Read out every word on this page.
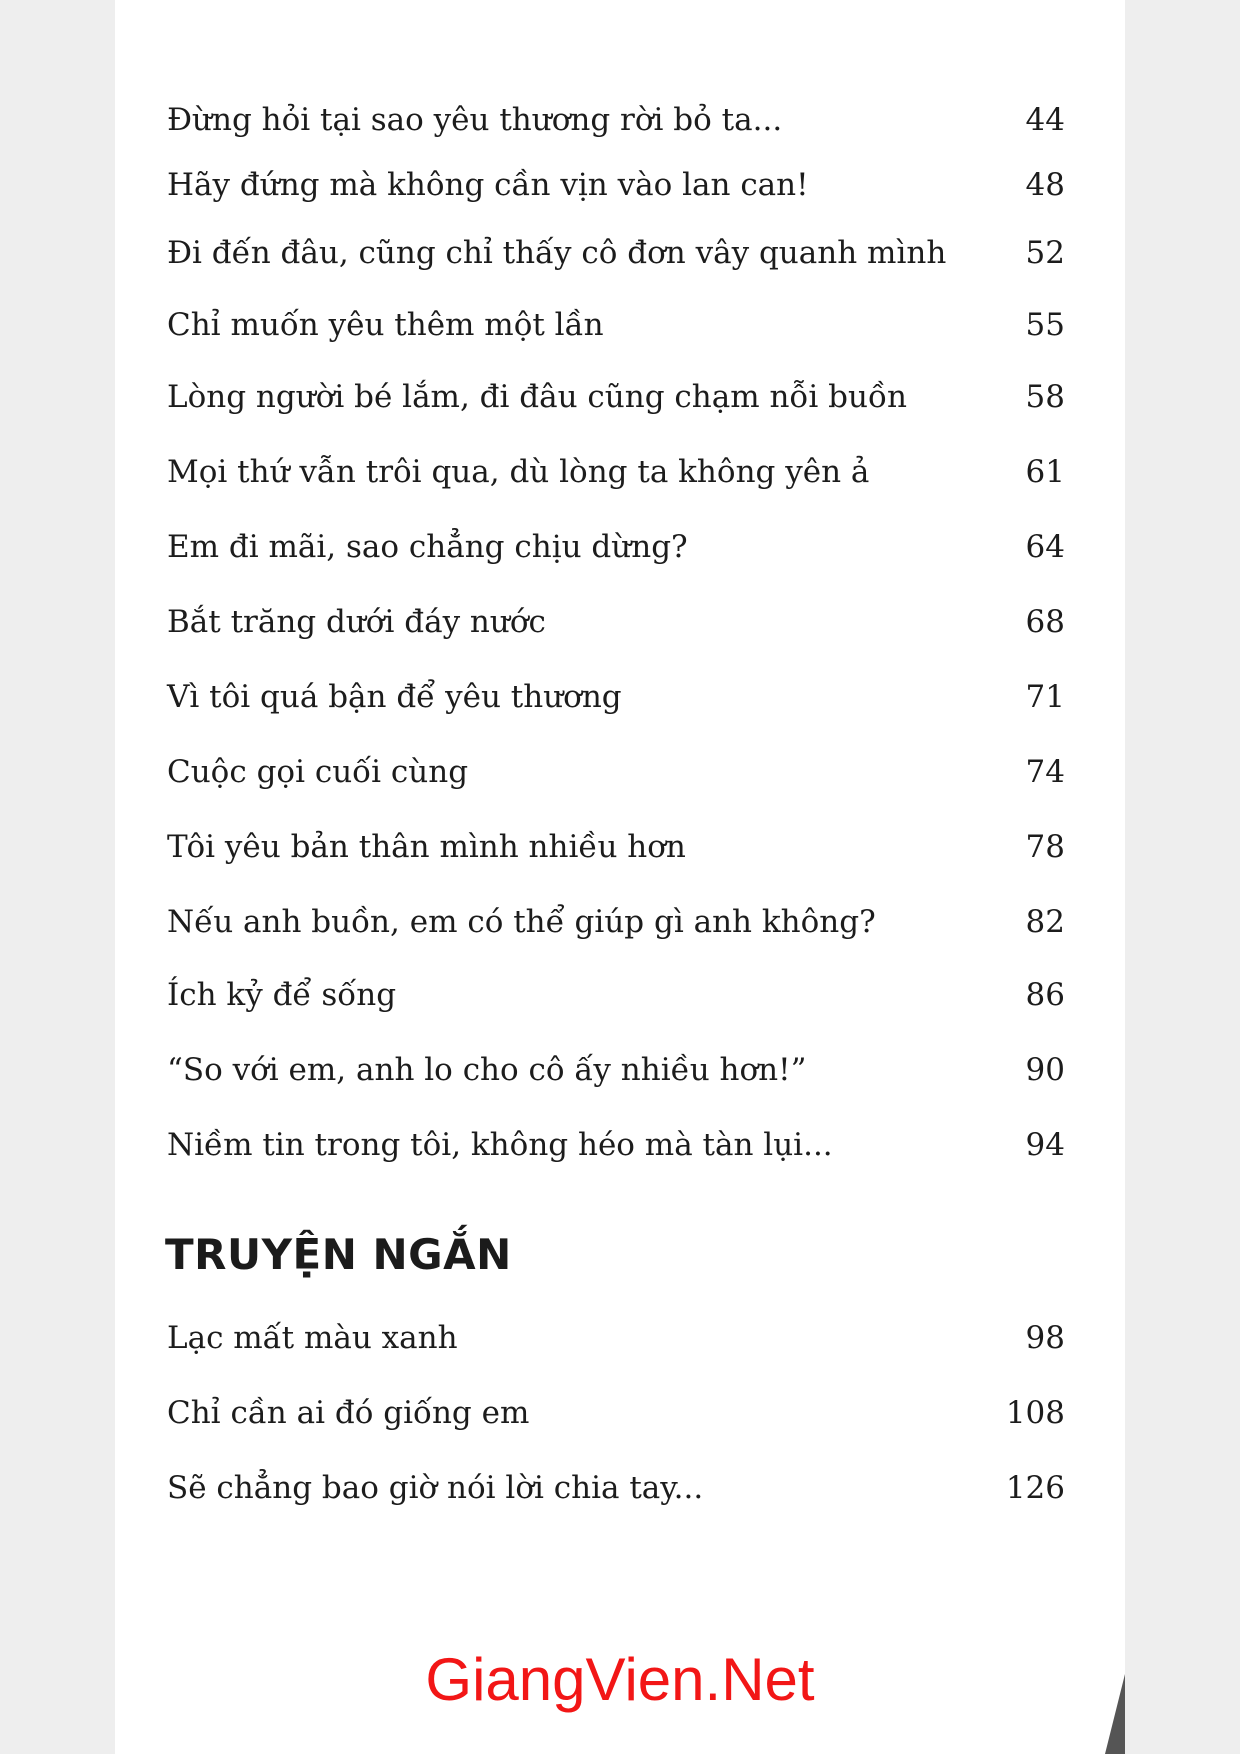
Đừng hỏi tại sao yêu thương rời bỏ ta...	44
Hãy đứng mà không cần vịn vào lan can!	48
Đi đến đâu, cũng chỉ thấy cô đơn vây quanh mình	52
Chỉ muốn yêu thêm một lần	55
Lòng người bé lắm, đi đâu cũng chạm nỗi buồn	58
Mọi thứ vẫn trôi qua, dù lòng ta không yên ả	61
Em đi mãi, sao chẳng chịu dừng?	64
Bắt trăng dưới đáy nước	68
Vì tôi quá bận để yêu thương	71
Cuộc gọi cuối cùng	74
Tôi yêu bản thân mình nhiều hơn	78
Nếu anh buồn, em có thể giúp gì anh không?	82
Ích kỷ để sống	86
“So với em, anh lo cho cô ấy nhiều hơn!”	90
Niềm tin trong tôi, không héo mà tàn lụi...	94
TRUYỆN NGẮN
Lạc mất màu xanh	98
Chỉ cần ai đó giống em	108
Sẽ chẳng bao giờ nói lời chia tay...	126
GiangVien.Net
